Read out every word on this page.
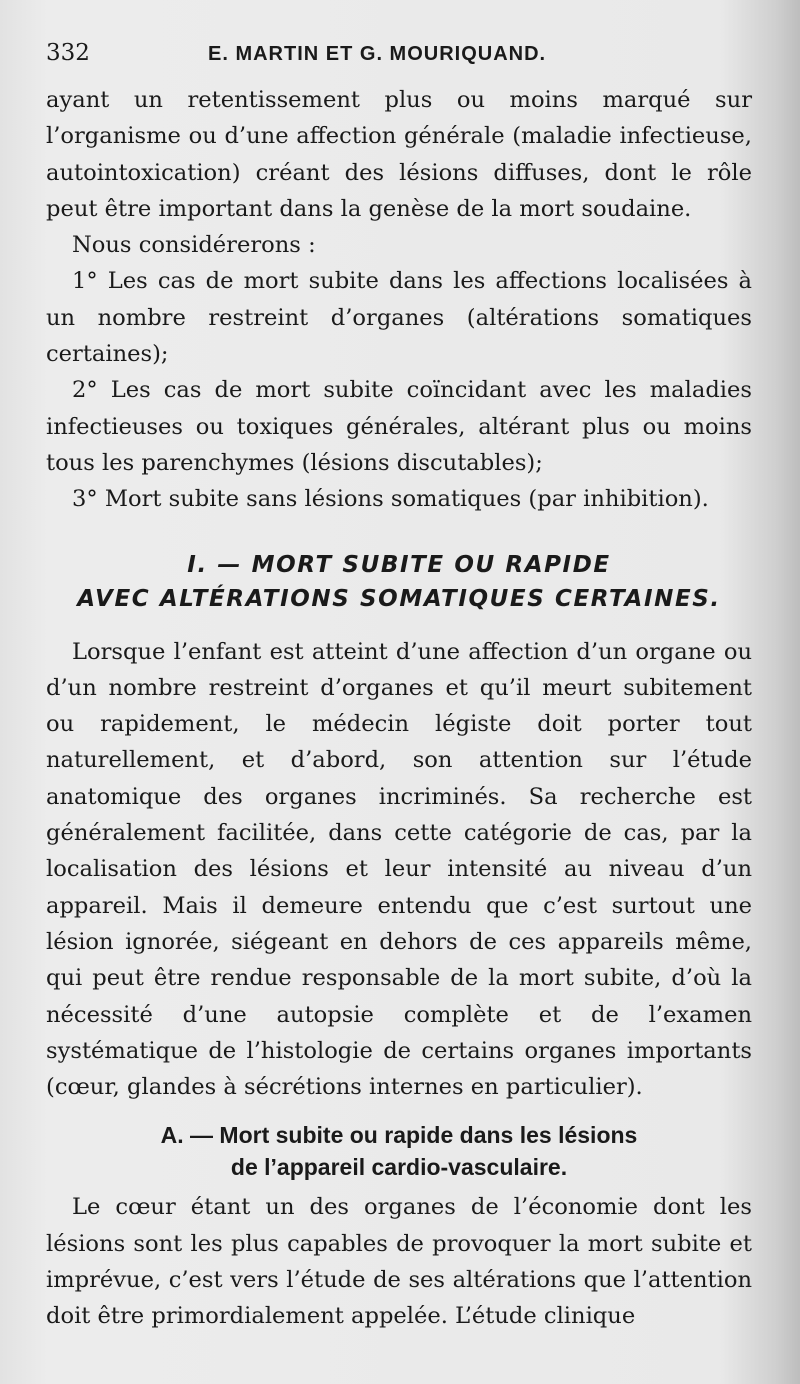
332	E. MARTIN ET G. MOURIQUAND.

ayant un retentissement plus ou moins marqué sur l’organisme ou d’une affection générale (maladie infectieuse, autointoxication) créant des lésions diffuses, dont le rôle peut être important dans la genèse de la mort soudaine.

Nous considérerons :

1° Les cas de mort subite dans les affections localisées à un nombre restreint d’organes (altérations somatiques certaines);

2° Les cas de mort subite coïncidant avec les maladies infectieuses ou toxiques générales, altérant plus ou moins tous les parenchymes (lésions discutables);

3° Mort subite sans lésions somatiques (par inhibition).

I. — MORT SUBITE OU RAPIDE
AVEC ALTÉRATIONS SOMATIQUES CERTAINES.

Lorsque l’enfant est atteint d’une affection d’un organe ou d’un nombre restreint d’organes et qu’il meurt subitement ou rapidement, le médecin légiste doit porter tout naturellement, et d’abord, son attention sur l’étude anatomique des organes incriminés. Sa recherche est généralement facilitée, dans cette catégorie de cas, par la localisation des lésions et leur intensité au niveau d’un appareil. Mais il demeure entendu que c’est surtout une lésion ignorée, siégeant en dehors de ces appareils même, qui peut être rendue responsable de la mort subite, d’où la nécessité d’une autopsie complète et de l’examen systématique de l’histologie de certains organes importants (cœur, glandes à sécrétions internes en particulier).

A. — Mort subite ou rapide dans les lésions
de l’appareil cardio-vasculaire.

Le cœur étant un des organes de l’économie dont les lésions sont les plus capables de provoquer la mort subite et imprévue, c’est vers l’étude de ses altérations que l’attention doit être primordialement appelée. L’étude clinique
